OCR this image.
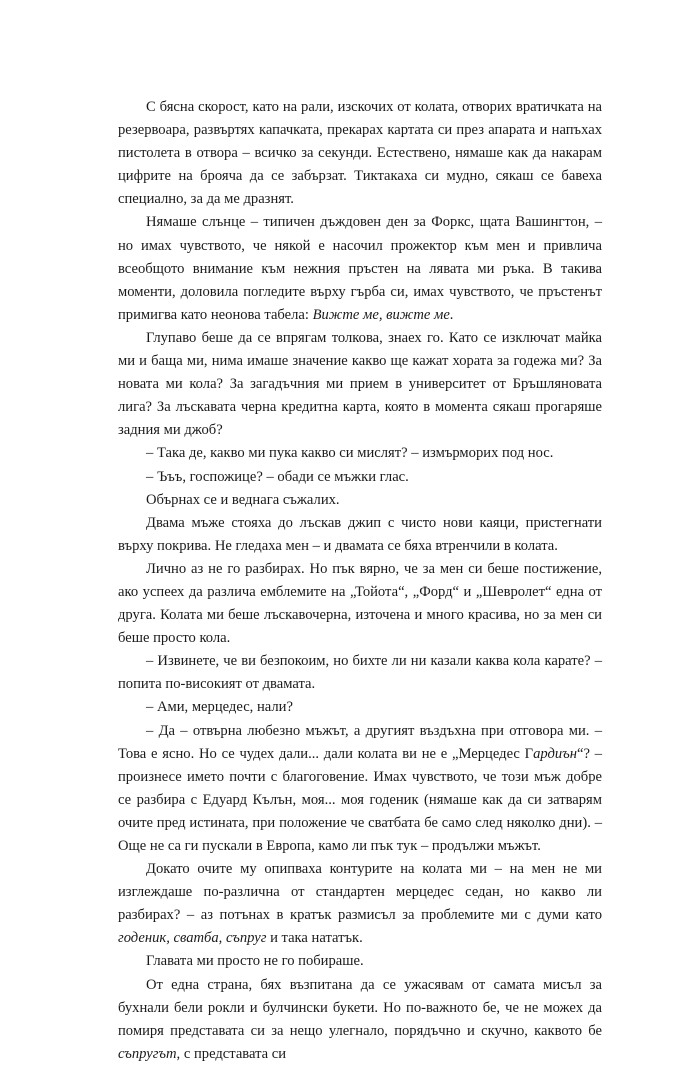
С бясна скорост, като на рали, изскочих от колата, отворих вратичката на резервоара, развъртях капачката, прекарах картата си през апарата и напъхах пистолета в отвора – всичко за секунди. Естествено, нямаше как да накарам цифрите на брояча да се забързат. Тиктакаха си мудно, сякаш се бавеха специално, за да ме дразнят.

Нямаше слънце – типичен дъждовен ден за Форкс, щата Вашингтон, – но имах чувството, че някой е насочил прожектор към мен и привлича всеобщото внимание към нежния пръстен на лявата ми ръка. В такива моменти, доловила погледите върху гърба си, имах чувството, че пръстенът примигва като неонова табела: Вижте ме, вижте ме.

Глупаво беше да се впрягам толкова, знаех го. Като се изключат майка ми и баща ми, нима имаше значение какво ще кажат хората за годежа ми? За новата ми кола? За загадъчния ми прием в университет от Бръшляновата лига? За лъскавата черна кредитна карта, която в момента сякаш прогаряше задния ми джоб?

– Така де, какво ми пука какво си мислят? – измърморих под нос.

– Ъъъ, госпожице? – обади се мъжки глас.

Обърнах се и веднага съжалих.

Двама мъже стояха до лъскав джип с чисто нови каяци, пристегнати върху покрива. Не гледаха мен – и двамата се бяха втренчили в колата.

Лично аз не го разбирах. Но пък вярно, че за мен си беше постижение, ако успеех да различа емблемите на „Тойота“, „Форд“ и „Шевролет“ една от друга. Колата ми беше лъскавочерна, източена и много красива, но за мен си беше просто кола.

– Извинете, че ви безпокоим, но бихте ли ни казали каква кола карате? – попита по-високият от двамата.

– Ами, мерцедес, нали?

– Да – отвърна любезно мъжът, а другият въздъхна при отговора ми. – Това е ясно. Но се чудех дали... дали колата ви не е „Мерцедес Гардиън“? – произнесе името почти с благоговение. Имах чувството, че този мъж добре се разбира с Едуард Кълън, моя... моя годеник (нямаше как да си затварям очите пред истината, при положение че сватбата бе само след няколко дни). – Още не са ги пускали в Европа, камо ли пък тук – продължи мъжът.

Докато очите му опипваха контурите на колата ми – на мен не ми изглеждаше по-различна от стандартен мерцедес седан, но какво ли разбирах? – аз потънах в кратък размисъл за проблемите ми с думи като годеник, сватба, съпруг и така нататък.

Главата ми просто не го побираше.

От една страна, бях възпитана да се ужасявам от самата мисъл за бухнали бели рокли и булчински букети. Но по-важното бе, че не можех да помиря представата си за нещо улегнало, порядъчно и скучно, каквото бе съпругът, с представата си
